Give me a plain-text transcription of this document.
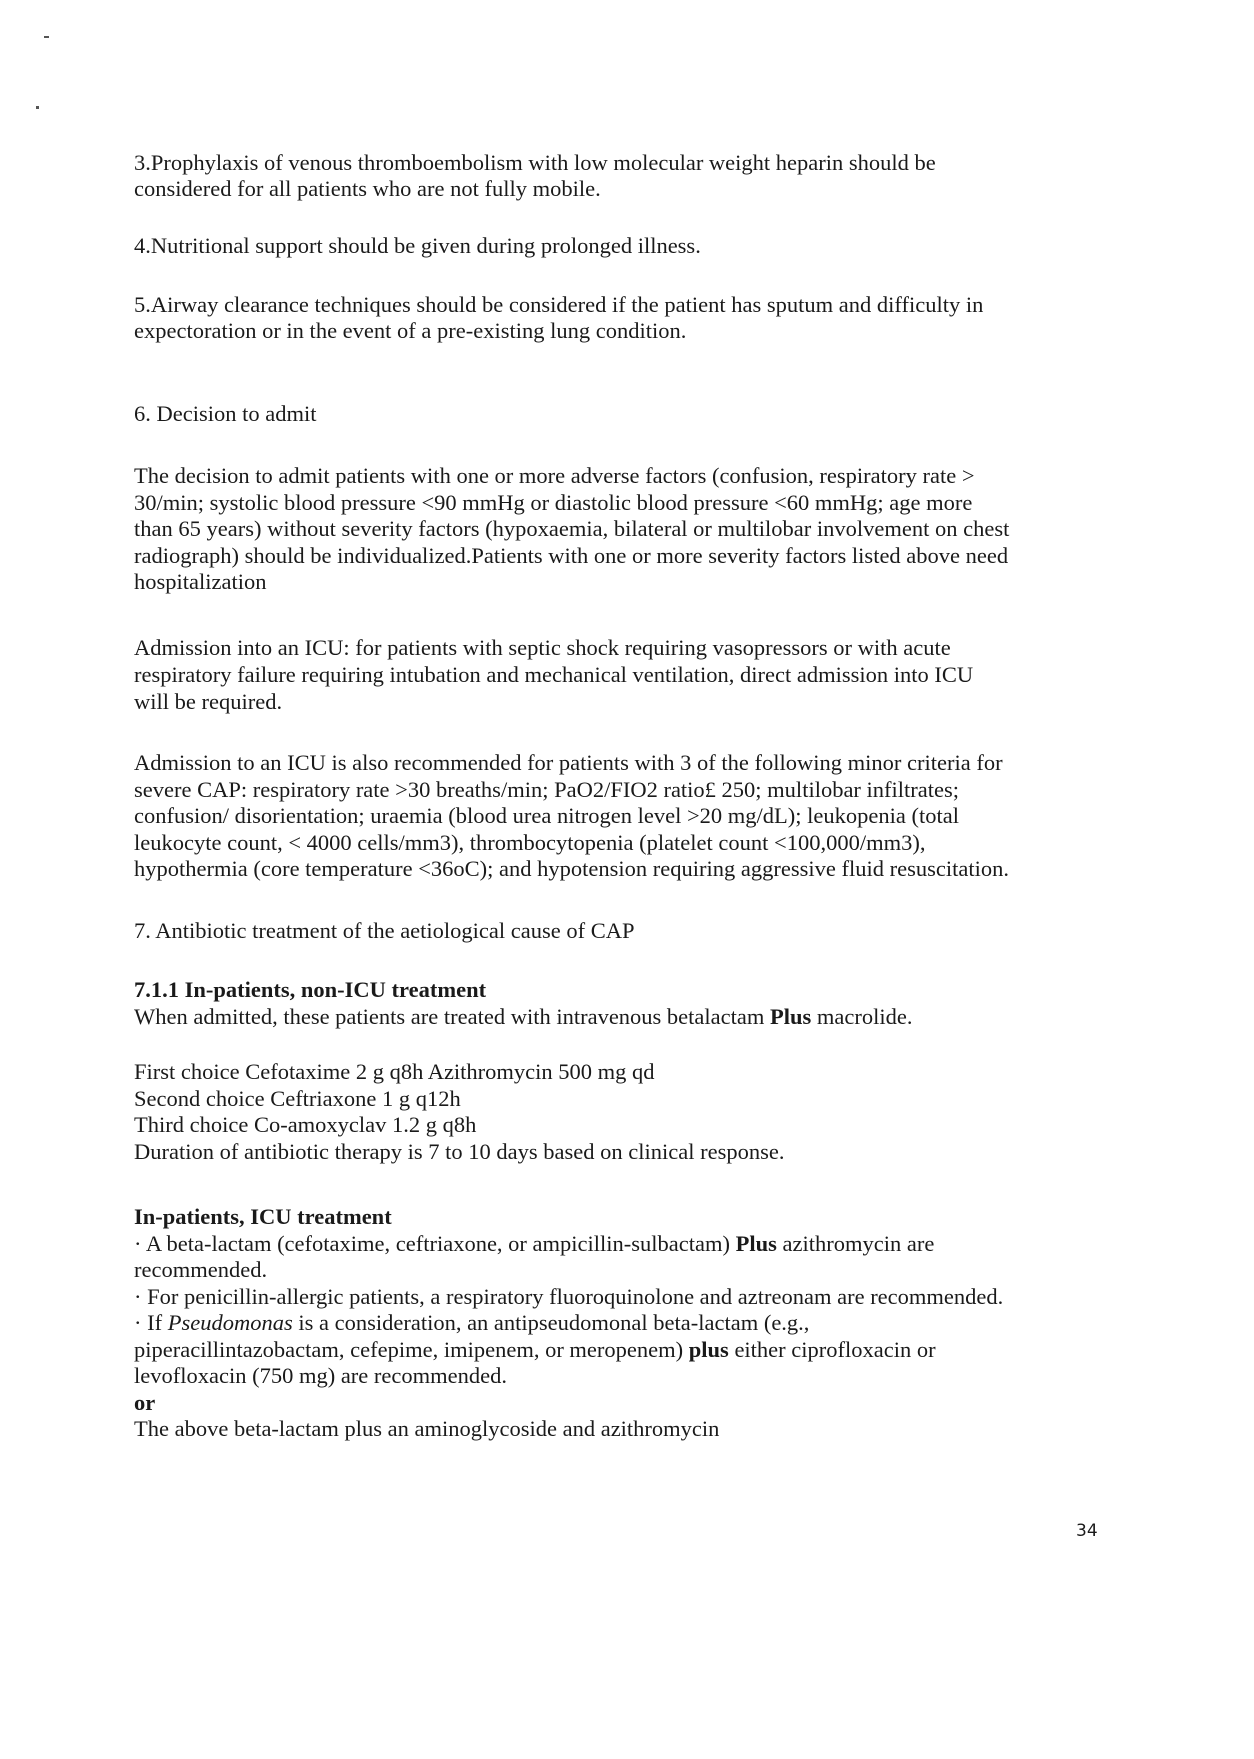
3.Prophylaxis of venous thromboembolism with low molecular weight heparin should be
considered for all patients who are not fully mobile.
4.Nutritional support should be given during prolonged illness.
5.Airway clearance techniques should be considered if the patient has sputum and difficulty in
expectoration or in the event of a pre-existing lung condition.
6. Decision to admit
The decision to admit patients with one or more adverse factors (confusion, respiratory rate >
30/min; systolic blood pressure <90 mmHg or diastolic blood pressure <60 mmHg; age more
than 65 years) without severity factors (hypoxaemia, bilateral or multilobar involvement on chest
radiograph) should be individualized.Patients with one or more severity factors listed above need
hospitalization
Admission into an ICU: for patients with septic shock requiring vasopressors or with acute
respiratory failure requiring intubation and mechanical ventilation, direct admission into ICU
will be required.
Admission to an ICU is also recommended for patients with 3 of the following minor criteria for
severe CAP: respiratory rate >30 breaths/min; PaO2/FIO2 ratio£ 250; multilobar infiltrates;
confusion/ disorientation; uraemia (blood urea nitrogen level >20 mg/dL); leukopenia (total
leukocyte count, < 4000 cells/mm3), thrombocytopenia (platelet count <100,000/mm3),
hypothermia (core temperature <36oC); and hypotension requiring aggressive fluid resuscitation.
7. Antibiotic treatment of the aetiological cause of CAP
7.1.1 In-patients, non-ICU treatment
When admitted, these patients are treated with intravenous betalactam Plus macrolide.
First choice Cefotaxime 2 g q8h Azithromycin 500 mg qd
Second choice Ceftriaxone 1 g q12h
Third choice Co-amoxyclav 1.2 g q8h
Duration of antibiotic therapy is 7 to 10 days based on clinical response.
In-patients, ICU treatment
· A beta-lactam (cefotaxime, ceftriaxone, or ampicillin-sulbactam) Plus azithromycin are
recommended.
· For penicillin-allergic patients, a respiratory fluoroquinolone and aztreonam are recommended.
· If Pseudomonas is a consideration, an antipseudomonal beta-lactam (e.g.,
piperacillintazobactam, cefepime, imipenem, or meropenem) plus either ciprofloxacin or
levofloxacin (750 mg) are recommended.
or
The above beta-lactam plus an aminoglycoside and azithromycin
34
